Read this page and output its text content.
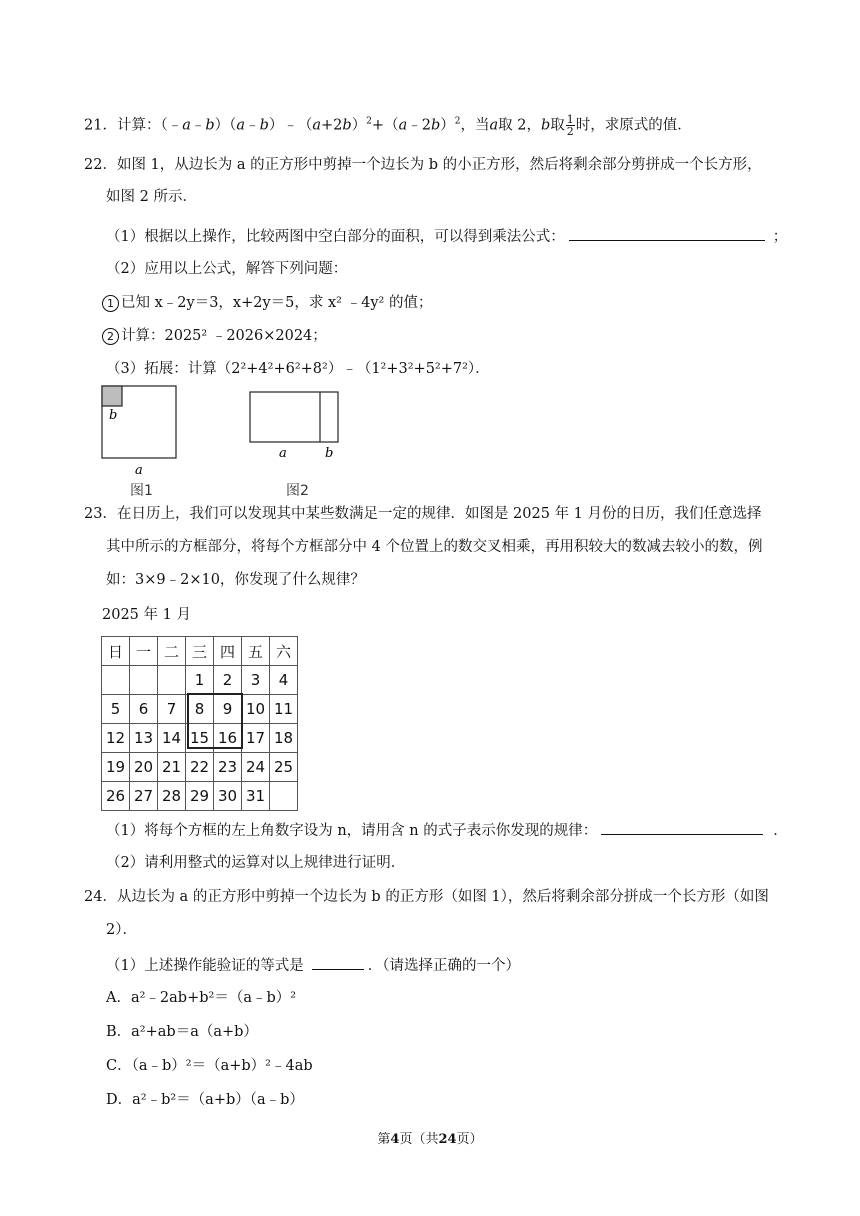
21．计算：$(﹣a﹣b)(a﹣b)﹣(a+2b)^2+(a﹣2b)^2$，当a取 2，b取 $\frac{1}{2}$ 时，求原式的值．
22．如图 1，从边长为 a 的正方形中剪掉一个边长为 b 的小正方形，然后将剩余部分剪拼成一个长方形，
如图 2 所示．
（1）根据以上操作，比较两图中空白部分的面积，可以得到乘法公式：	；
（2）应用以上公式，解答下列问题：
1 已知 x﹣2y＝3，x+2y＝5，求 x² ﹣4y² 的值；
2 计算：2025² ﹣2026×2024；
（3）拓展：计算（2²+4²+6²+8²）﹣（1²+3²+5²+7²）．
b
a
图1
a	b
图2
23．在日历上，我们可以发现其中某些数满足一定的规律．如图是 2025 年 1 月份的日历，我们任意选择
其中所示的方框部分，将每个方框部分中 4 个位置上的数交叉相乘，再用积较大的数减去较小的数，例
如：3×9﹣2×10，你发现了什么规律？
2025 年 1 月
日	一	二	三	四	五	六
			1	2	3	4
5	6	7	8	9	10	11
12	13	14	15	16	17	18
19	20	21	22	23	24	25
26	27	28	29	30	31	
（1）将每个方框的左上角数字设为 n，请用含 n 的式子表示你发现的规律：	．
（2）请利用整式的运算对以上规律进行证明．
24．从边长为 a 的正方形中剪掉一个边长为 b 的正方形（如图 1），然后将剩余部分拼成一个长方形（如图
2）．
（1）上述操作能验证的等式是	．（请选择正确的一个）
A．a²﹣2ab+b²＝（a﹣b）²
B．a²+ab＝a（a+b）
C．（a﹣b）²＝（a+b）²﹣4ab
D．a²﹣b²＝（a+b）（a﹣b）
第4页（共24页）
